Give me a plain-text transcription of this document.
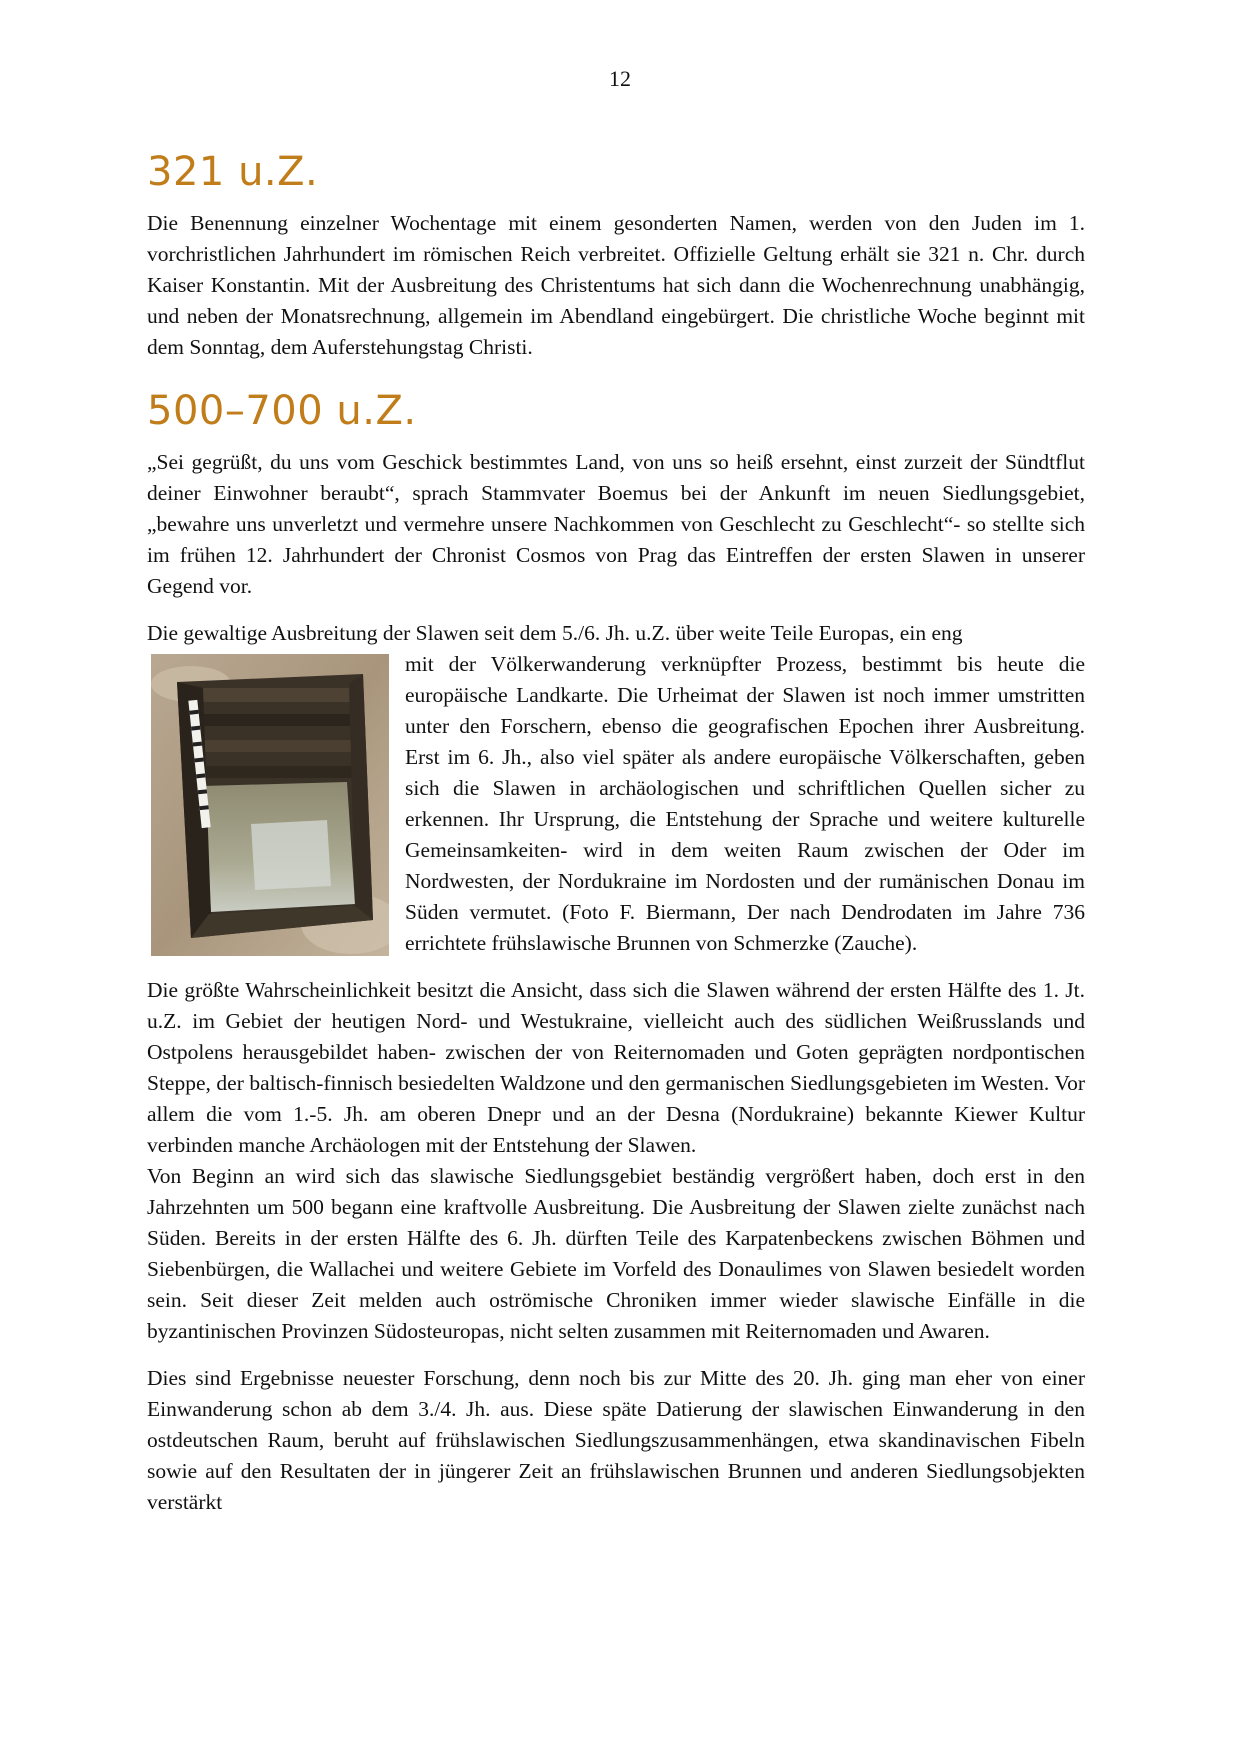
12
321 u.Z.

Die Benennung einzelner Wochentage mit einem gesonderten Namen, werden von den Juden im 1. vorchristlichen Jahrhundert im römischen Reich verbreitet. Offizielle Geltung erhält sie 321 n. Chr. durch Kaiser Konstantin. Mit der Ausbreitung des Christentums hat sich dann die Wochenrechnung unabhängig, und neben der Monatsrechnung, allgemein im Abendland eingebürgert. Die christliche Woche beginnt mit dem Sonntag, dem Auferstehungstag Christi.

500–700 u.Z.

„Sei gegrüßt, du uns vom Geschick bestimmtes Land, von uns so heiß ersehnt, einst zurzeit der Sündtflut deiner Einwohner beraubt“, sprach Stammvater Boemus bei der Ankunft im neuen Siedlungsgebiet, „bewahre uns unverletzt und vermehre unsere Nachkommen von Geschlecht zu Geschlecht“- so stellte sich im frühen 12. Jahrhundert der Chronist Cosmos von Prag das Eintreffen der ersten Slawen in unserer Gegend vor.

Die gewaltige Ausbreitung der Slawen seit dem 5./6. Jh. u.Z. über weite Teile Europas, ein eng

mit der Völkerwanderung verknüpfter Prozess, bestimmt bis heute die europäische Landkarte. Die Urheimat der Slawen ist noch immer umstritten unter den Forschern, ebenso die geografischen Epochen ihrer Ausbreitung. Erst im 6. Jh., also viel später als andere europäische Völkerschaften, geben sich die Slawen in archäologischen und schriftlichen Quellen sicher zu erkennen. Ihr Ursprung, die Entstehung der Sprache und weitere kulturelle Gemeinsamkeiten- wird in dem weiten Raum zwischen der Oder im Nordwesten, der Nordukraine im Nordosten und der rumänischen Donau im Süden vermutet. (Foto F. Biermann, Der nach Dendrodaten im Jahre 736 errichtete frühslawische Brunnen von Schmerzke (Zauche).

Die größte Wahrscheinlichkeit besitzt die Ansicht, dass sich die Slawen während der ersten Hälfte des 1. Jt. u.Z. im Gebiet der heutigen Nord- und Westukraine, vielleicht auch des südlichen Weißrusslands und Ostpolens herausgebildet haben- zwischen der von Reiternomaden und Goten geprägten nordpontischen Steppe, der baltisch-finnisch besiedelten Waldzone und den germanischen Siedlungsgebieten im Westen. Vor allem die vom 1.-5. Jh. am oberen Dnepr und an der Desna (Nordukraine) bekannte Kiewer Kultur verbinden manche Archäologen mit der Entstehung der Slawen.

Von Beginn an wird sich das slawische Siedlungsgebiet beständig vergrößert haben, doch erst in den Jahrzehnten um 500 begann eine kraftvolle Ausbreitung. Die Ausbreitung der Slawen zielte zunächst nach Süden. Bereits in der ersten Hälfte des 6. Jh. dürften Teile des Karpatenbeckens zwischen Böhmen und Siebenbürgen, die Wallachei und weitere Gebiete im Vorfeld des Donaulimes von Slawen besiedelt worden sein. Seit dieser Zeit melden auch oströmische Chroniken immer wieder slawische Einfälle in die byzantinischen Provinzen Südosteuropas, nicht selten zusammen mit Reiternomaden und Awaren.

Dies sind Ergebnisse neuester Forschung, denn noch bis zur Mitte des 20. Jh. ging man eher von einer Einwanderung schon ab dem 3./4. Jh. aus. Diese späte Datierung der slawischen Einwanderung in den ostdeutschen Raum, beruht auf frühslawischen Siedlungszusammenhängen, etwa skandinavischen Fibeln sowie auf den Resultaten der in jüngerer Zeit an frühslawischen Brunnen und anderen Siedlungsobjekten verstärkt
